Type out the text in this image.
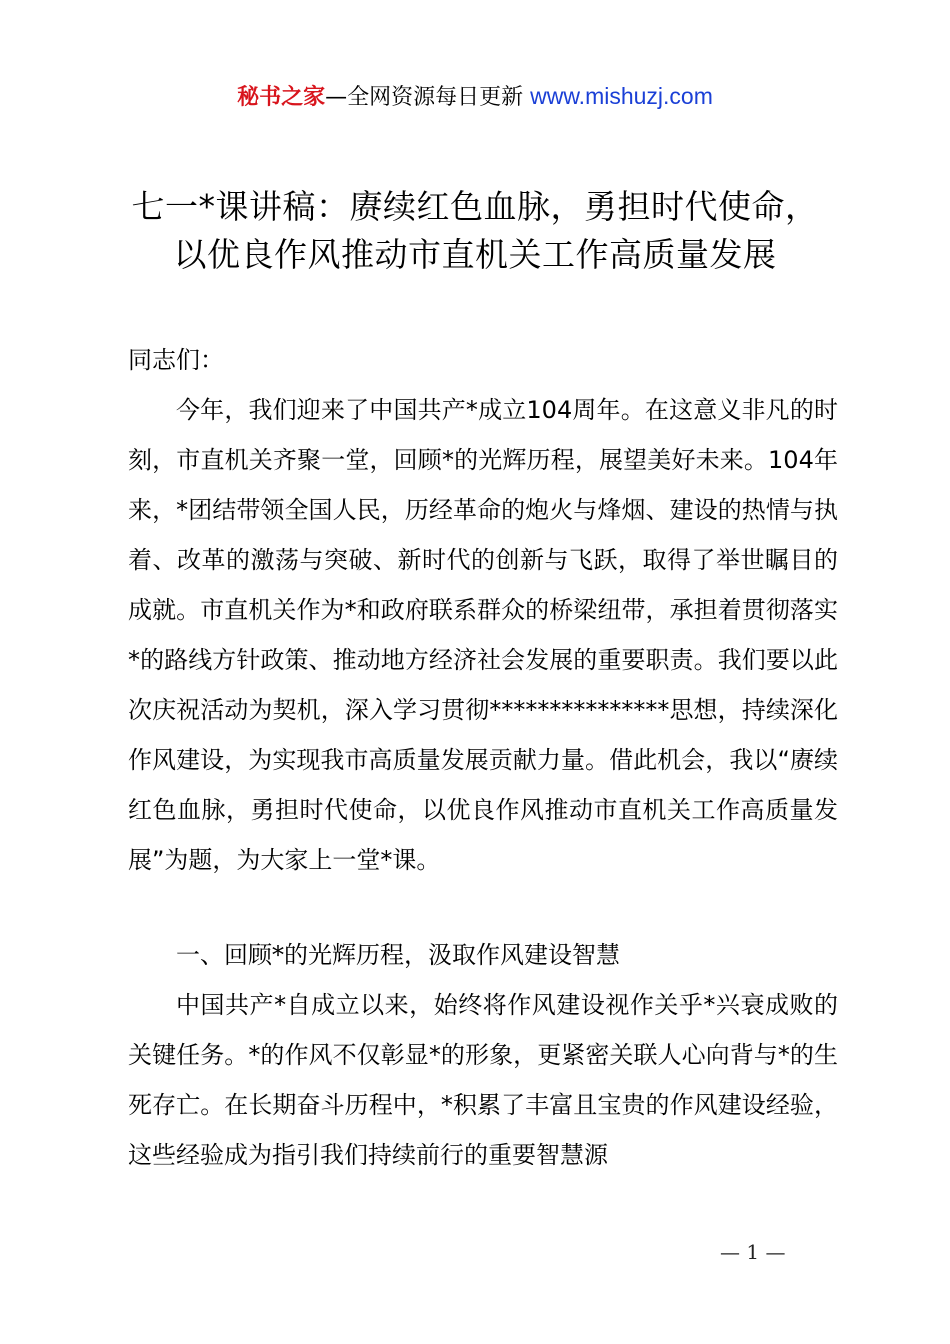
秘书之家—全网资源每日更新 www.mishuzj.com
七一*课讲稿：赓续红色血脉，勇担时代使命，
以优良作风推动市直机关工作高质量发展
同志们：
今年，我们迎来了中国共产*成立104周年。在这意义非凡的时刻，市直机关齐聚一堂，回顾*的光辉历程，展望美好未来。104年来，*团结带领全国人民，历经革命的炮火与烽烟、建设的热情与执着、改革的激荡与突破、新时代的创新与飞跃，取得了举世瞩目的成就。市直机关作为*和政府联系群众的桥梁纽带，承担着贯彻落实*的路线方针政策、推动地方经济社会发展的重要职责。我们要以此次庆祝活动为契机，深入学习贯彻***************思想，持续深化作风建设，为实现我市高质量发展贡献力量。借此机会，我以“赓续红色血脉，勇担时代使命，以优良作风推动市直机关工作高质量发展”为题，为大家上一堂*课。
一、回顾*的光辉历程，汲取作风建设智慧
中国共产*自成立以来，始终将作风建设视作关乎*兴衰成败的关键任务。*的作风不仅彰显*的形象，更紧密关联人心向背与*的生死存亡。在长期奋斗历程中，*积累了丰富且宝贵的作风建设经验，这些经验成为指引我们持续前行的重要智慧源
— 1 —
